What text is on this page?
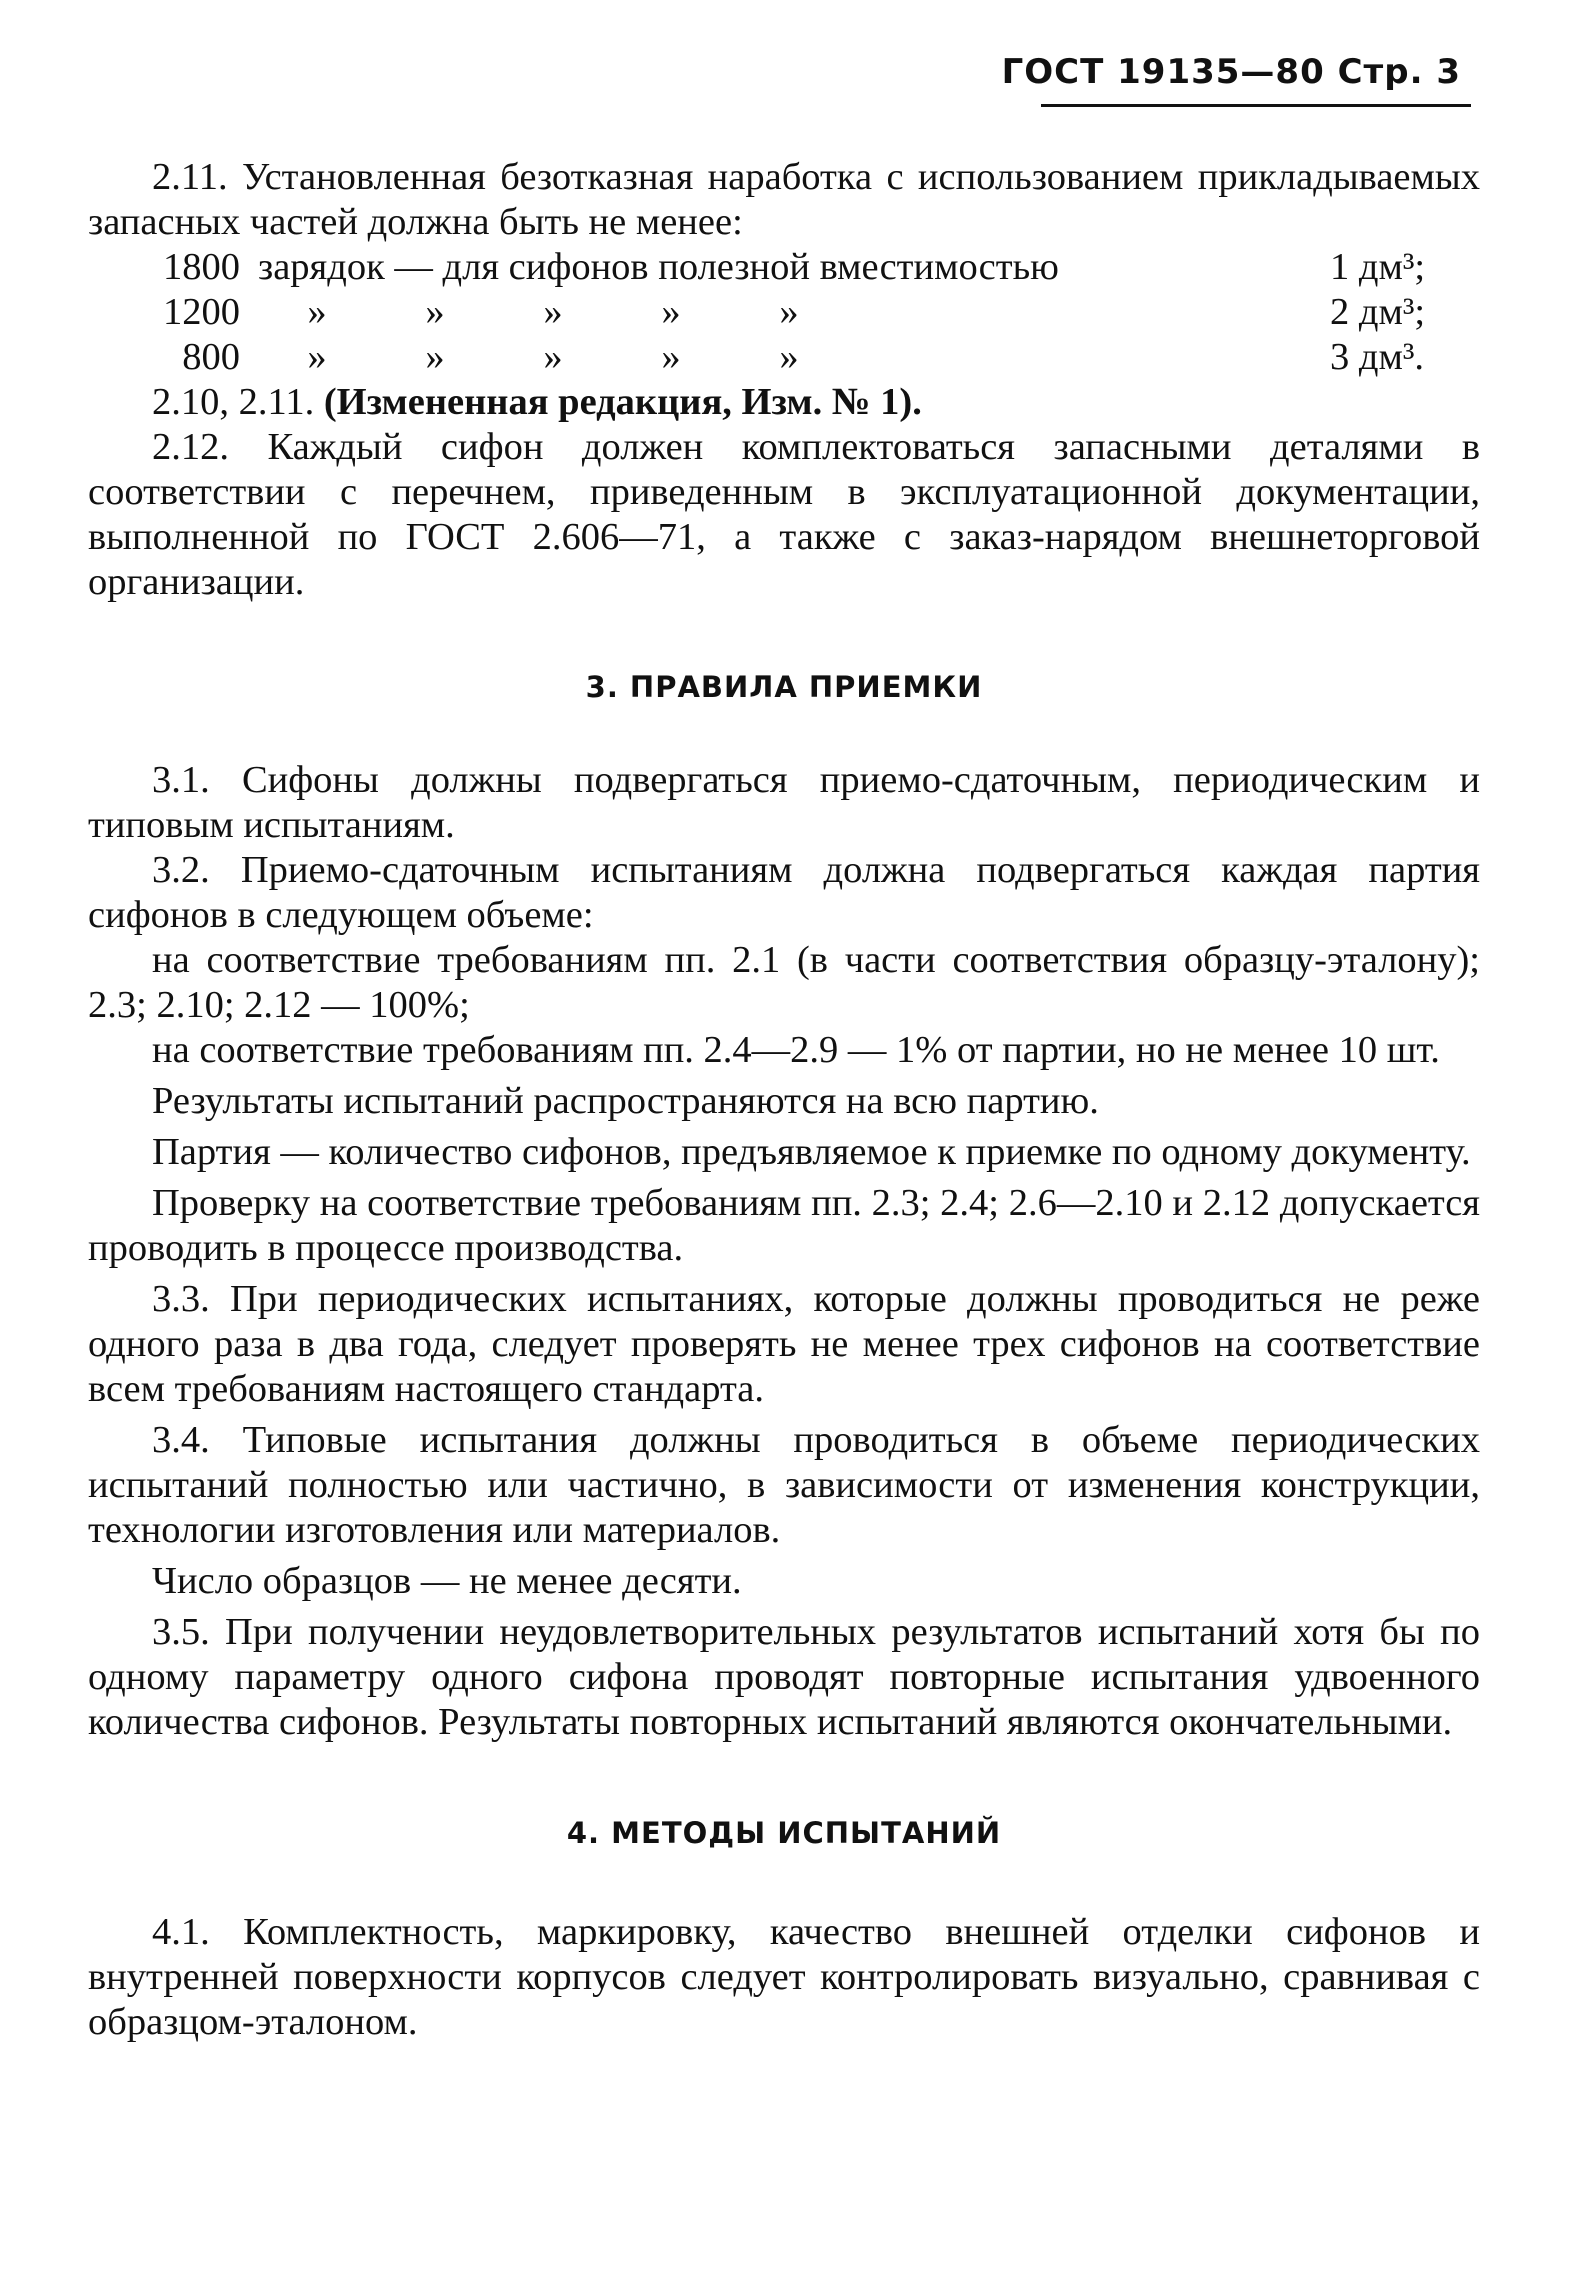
ГОСТ 19135—80 Стр. 3

2.11. Установленная безотказная наработка с использованием прикладываемых запасных частей должна быть не менее:

1800 зарядок — для сифонов полезной вместимостью	1 дм³;
1200	»	»	»	»	»	2 дм³;
800	»	»	»	»	»	3 дм³.

2.10, 2.11. (Измененная редакция, Изм. № 1).

2.12. Каждый сифон должен комплектоваться запасными деталями в соответствии с перечнем, приведенным в эксплуатационной документации, выполненной по ГОСТ 2.606—71, а также с заказ-нарядом внешнеторговой организации.

3. ПРАВИЛА ПРИЕМКИ

3.1. Сифоны должны подвергаться приемо-сдаточным, периодическим и типовым испытаниям.

3.2. Приемо-сдаточным испытаниям должна подвергаться каждая партия сифонов в следующем объеме:

на соответствие требованиям пп. 2.1 (в части соответствия образцу-эталону); 2.3; 2.10; 2.12 — 100%;

на соответствие требованиям пп. 2.4—2.9 — 1% от партии, но не менее 10 шт.

Результаты испытаний распространяются на всю партию.

Партия — количество сифонов, предъявляемое к приемке по одному документу.

Проверку на соответствие требованиям пп. 2.3; 2.4; 2.6—2.10 и 2.12 допускается проводить в процессе производства.

3.3. При периодических испытаниях, которые должны проводиться не реже одного раза в два года, следует проверять не менее трех сифонов на соответствие всем требованиям настоящего стандарта.

3.4. Типовые испытания должны проводиться в объеме периодических испытаний полностью или частично, в зависимости от изменения конструкции, технологии изготовления или материалов.

Число образцов — не менее десяти.

3.5. При получении неудовлетворительных результатов испытаний хотя бы по одному параметру одного сифона проводят повторные испытания удвоенного количества сифонов. Результаты повторных испытаний являются окончательными.

4. МЕТОДЫ ИСПЫТАНИЙ

4.1. Комплектность, маркировку, качество внешней отделки сифонов и внутренней поверхности корпусов следует контролировать визуально, сравнивая с образцом-эталоном.
